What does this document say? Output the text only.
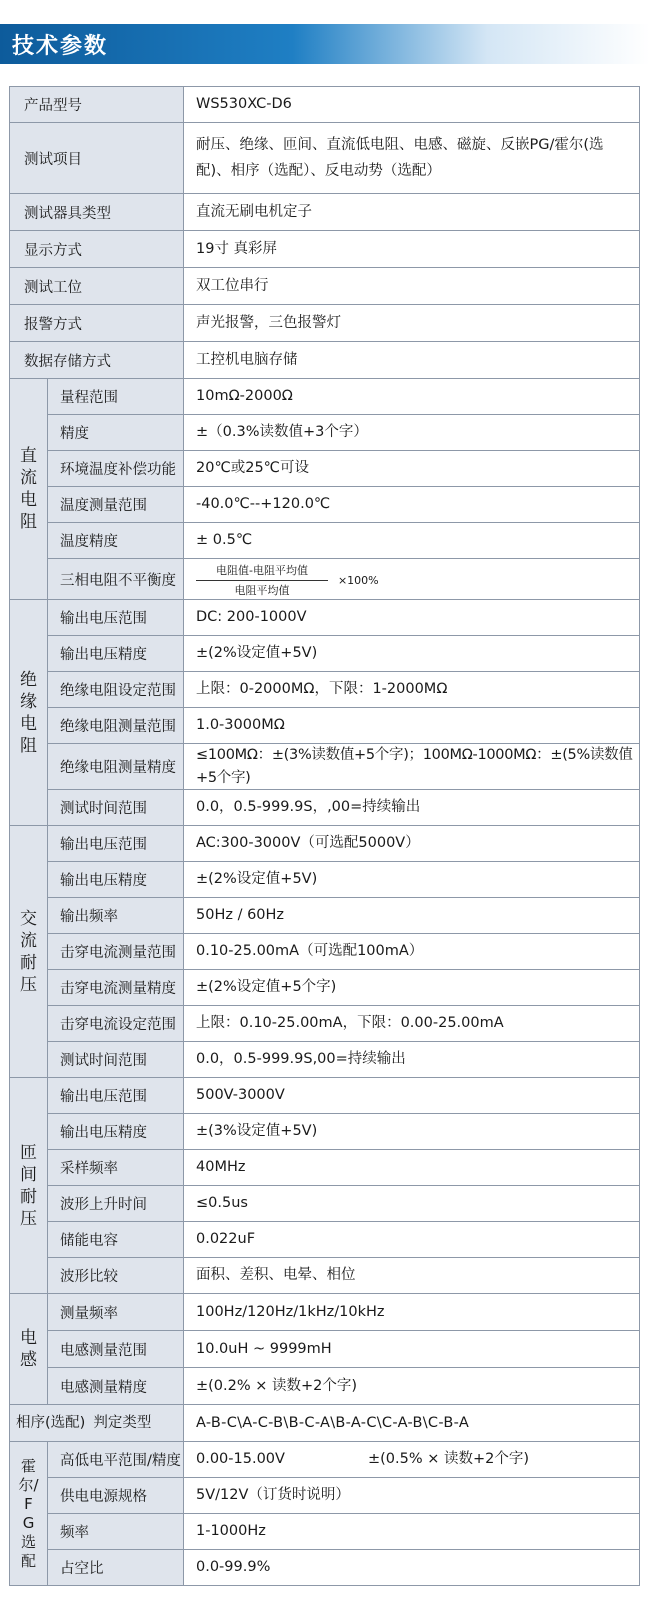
技术参数
产品型号		WS530XC-D6
测试项目		耐压、绝缘、匝间、直流低电阻、电感、磁旋、反嵌PG/霍尔(选配)、相序（选配）、反电动势（选配）
测试器具类型		直流无刷电机定子
显示方式		19寸 真彩屏
测试工位		双工位串行
报警方式		声光报警，三色报警灯
数据存储方式		工控机电脑存储
直流电阻	量程范围	10mΩ-2000Ω
	精度	±（0.3%读数值+3个字）
	环境温度补偿功能	20℃或25℃可设
	温度测量范围	-40.0℃--+120.0℃
	温度精度	± 0.5℃
	三相电阻不平衡度	$\frac{\text{电阻值-电阻平均值}}{\text{电阻平均值}} \times 100\%$

绝缘电阻	输出电压范围	DC: 200-1000V
	输出电压精度	±(2%设定值+5V)
	绝缘电阻设定范围	上限：0-2000MΩ，下限：1-2000MΩ
	绝缘电阻测量范围	1.0-3000MΩ
	绝缘电阻测量精度	≤100MΩ：±(3%读数值+5个字)；100MΩ-1000MΩ：±(5%读数值+5个字)
	测试时间范围	0.0，0.5-999.9S，,00=持续输出
交流耐压	输出电压范围	AC:300-3000V（可选配5000V）
	输出电压精度	±(2%设定值+5V)
	输出频率	50Hz / 60Hz
	击穿电流测量范围	0.10-25.00mA（可选配100mA）
	击穿电流测量精度	±(2%设定值+5个字)
	击穿电流设定范围	上限：0.10-25.00mA，下限：0.00-25.00mA
	测试时间范围	0.0，0.5-999.9S,00=持续输出
匝间耐压	输出电压范围	500V-3000V
	输出电压精度	±(3%设定值+5V)
	采样频率	40MHz
	波形上升时间	≤0.5us
	储能电容	0.022uF
	波形比较	面积、差积、电晕、相位
电感	测量频率	100Hz/120Hz/1kHz/10kHz
	电感测量范围	10.0uH ~ 9999mH
	电感测量精度	±(0.2% × 读数+2个字)
相序(选配) 判定类型		A-B-C\A-C-B\B-C-A\B-A-C\C-A-B\C-B-A
霍尔/FG选配	高低电平范围/精度	0.00-15.00V ±(0.5% × 读数+2个字)

	供电电源规格	5V/12V（订货时说明）
	频率	1-1000Hz
	占空比	0.0-99.9%
